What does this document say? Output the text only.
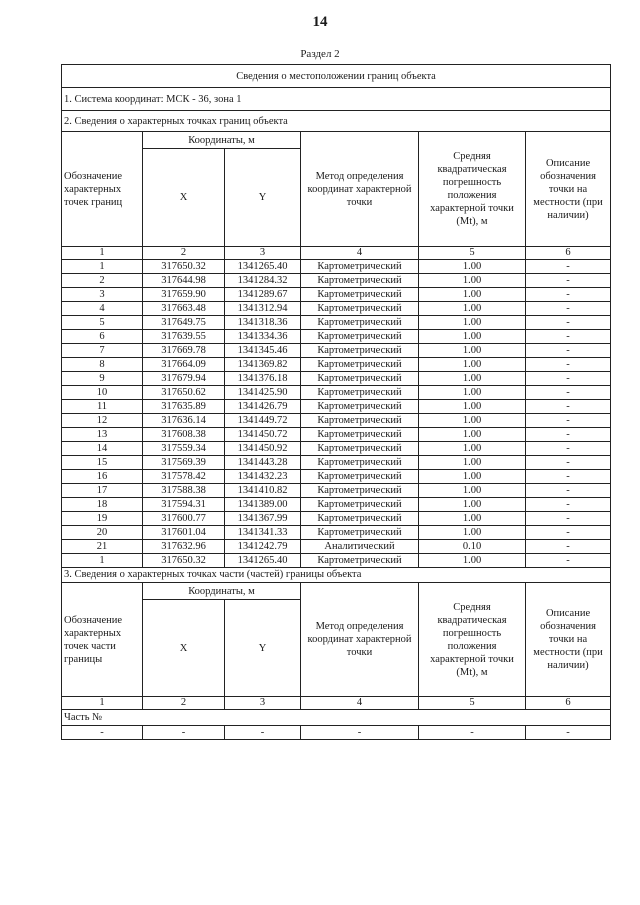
14
Раздел 2
Сведения о местоположении границ объекта					
1. Система координат: МСК - 36, зона 1					
2. Сведения о характерных точках границ объекта					
Обозначение характерных точек границ	Координаты, м		Метод определения координат характерной точки	Средняя квадратическая погрешность положения характерной точки (Mt), м	Описание обозначения точки на местности (при наличии)
	X	Y			
1	2	3	4	5	6
1	317650.32	1341265.40	Картометрический	1.00	-
2	317644.98	1341284.32	Картометрический	1.00	-
3	317659.90	1341289.67	Картометрический	1.00	-
4	317663.48	1341312.94	Картометрический	1.00	-
5	317649.75	1341318.36	Картометрический	1.00	-
6	317639.55	1341334.36	Картометрический	1.00	-
7	317669.78	1341345.46	Картометрический	1.00	-
8	317664.09	1341369.82	Картометрический	1.00	-
9	317679.94	1341376.18	Картометрический	1.00	-
10	317650.62	1341425.90	Картометрический	1.00	-
11	317635.89	1341426.79	Картометрический	1.00	-
12	317636.14	1341449.72	Картометрический	1.00	-
13	317608.38	1341450.72	Картометрический	1.00	-
14	317559.34	1341450.92	Картометрический	1.00	-
15	317569.39	1341443.28	Картометрический	1.00	-
16	317578.42	1341432.23	Картометрический	1.00	-
17	317588.38	1341410.82	Картометрический	1.00	-
18	317594.31	1341389.00	Картометрический	1.00	-
19	317600.77	1341367.99	Картометрический	1.00	-
20	317601.04	1341341.33	Картометрический	1.00	-
21	317632.96	1341242.79	Аналитический	0.10	-
1	317650.32	1341265.40	Картометрический	1.00	-
3. Сведения о характерных точках части (частей) границы объекта					
Обозначение характерных точек части границы	Координаты, м		Метод определения координат характерной точки	Средняя квадратическая погрешность положения характерной точки (Mt), м	Описание обозначения точки на местности (при наличии)
	X	Y			
1	2	3	4	5	6
Часть №					
-	-	-	-	-	-
